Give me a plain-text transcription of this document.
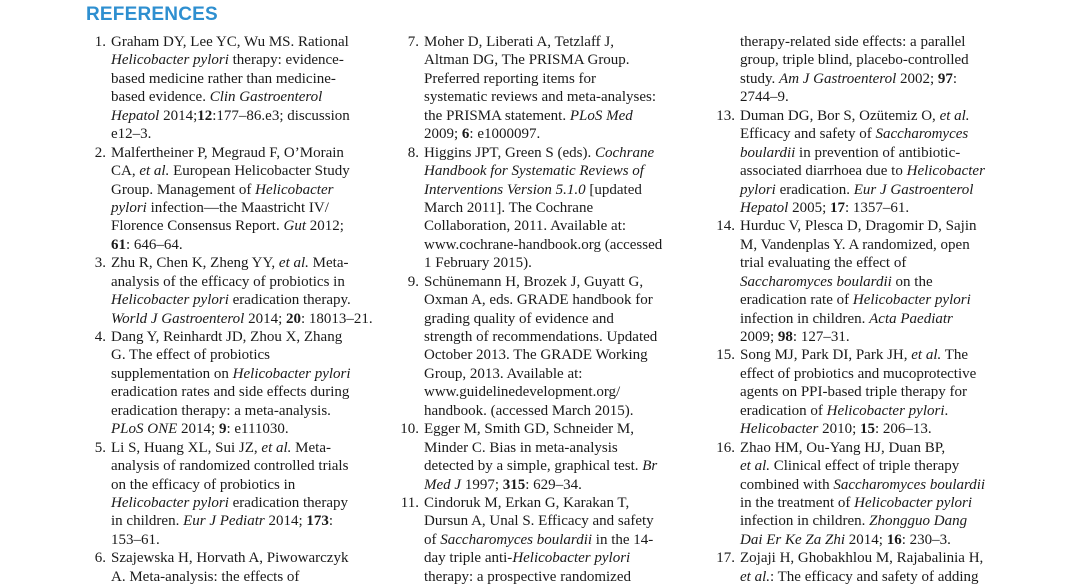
REFERENCES
1. Graham DY, Lee YC, Wu MS. Rational
Helicobacter pylori therapy: evidence-
based medicine rather than medicine-
based evidence. Clin Gastroenterol
Hepatol 2014;12:177–86.e3; discussion
e12–3.
2. Malfertheiner P, Megraud F, O’Morain
CA, et al. European Helicobacter Study
Group. Management of Helicobacter
pylori infection—the Maastricht IV/
Florence Consensus Report. Gut 2012;
61: 646–64.
3. Zhu R, Chen K, Zheng YY, et al. Meta-
analysis of the efficacy of probiotics in
Helicobacter pylori eradication therapy.
World J Gastroenterol 2014; 20: 18013–21.
4. Dang Y, Reinhardt JD, Zhou X, Zhang
G. The effect of probiotics
supplementation on Helicobacter pylori
eradication rates and side effects during
eradication therapy: a meta-analysis.
PLoS ONE 2014; 9: e111030.
5. Li S, Huang XL, Sui JZ, et al. Meta-
analysis of randomized controlled trials
on the efficacy of probiotics in
Helicobacter pylori eradication therapy
in children. Eur J Pediatr 2014; 173:
153–61.
6. Szajewska H, Horvath A, Piwowarczyk
A. Meta-analysis: the effects of
7. Moher D, Liberati A, Tetzlaff J,
Altman DG, The PRISMA Group.
Preferred reporting items for
systematic reviews and meta-analyses:
the PRISMA statement. PLoS Med
2009; 6: e1000097.
8. Higgins JPT, Green S (eds). Cochrane
Handbook for Systematic Reviews of
Interventions Version 5.1.0 [updated
March 2011]. The Cochrane
Collaboration, 2011. Available at:
www.cochrane-handbook.org (accessed
1 February 2015).
9. Schünemann H, Brozek J, Guyatt G,
Oxman A, eds. GRADE handbook for
grading quality of evidence and
strength of recommendations. Updated
October 2013. The GRADE Working
Group, 2013. Available at:
www.guidelinedevelopment.org/
handbook. (accessed March 2015).
10. Egger M, Smith GD, Schneider M,
Minder C. Bias in meta-analysis
detected by a simple, graphical test. Br
Med J 1997; 315: 629–34.
11. Cindoruk M, Erkan G, Karakan T,
Dursun A, Unal S. Efficacy and safety
of Saccharomyces boulardii in the 14-
day triple anti-Helicobacter pylori
therapy: a prospective randomized
therapy-related side effects: a parallel
group, triple blind, placebo-controlled
study. Am J Gastroenterol 2002; 97:
2744–9.
13. Duman DG, Bor S, Ozütemiz O, et al.
Efficacy and safety of Saccharomyces
boulardii in prevention of antibiotic-
associated diarrhoea due to Helicobacter
pylori eradication. Eur J Gastroenterol
Hepatol 2005; 17: 1357–61.
14. Hurduc V, Plesca D, Dragomir D, Sajin
M, Vandenplas Y. A randomized, open
trial evaluating the effect of
Saccharomyces boulardii on the
eradication rate of Helicobacter pylori
infection in children. Acta Paediatr
2009; 98: 127–31.
15. Song MJ, Park DI, Park JH, et al. The
effect of probiotics and mucoprotective
agents on PPI-based triple therapy for
eradication of Helicobacter pylori.
Helicobacter 2010; 15: 206–13.
16. Zhao HM, Ou-Yang HJ, Duan BP,
et al. Clinical effect of triple therapy
combined with Saccharomyces boulardii
in the treatment of Helicobacter pylori
infection in children. Zhongguo Dang
Dai Er Ke Za Zhi 2014; 16: 230–3.
17. Zojaji H, Ghobakhlou M, Rajabalinia H,
et al.: The efficacy and safety of adding
